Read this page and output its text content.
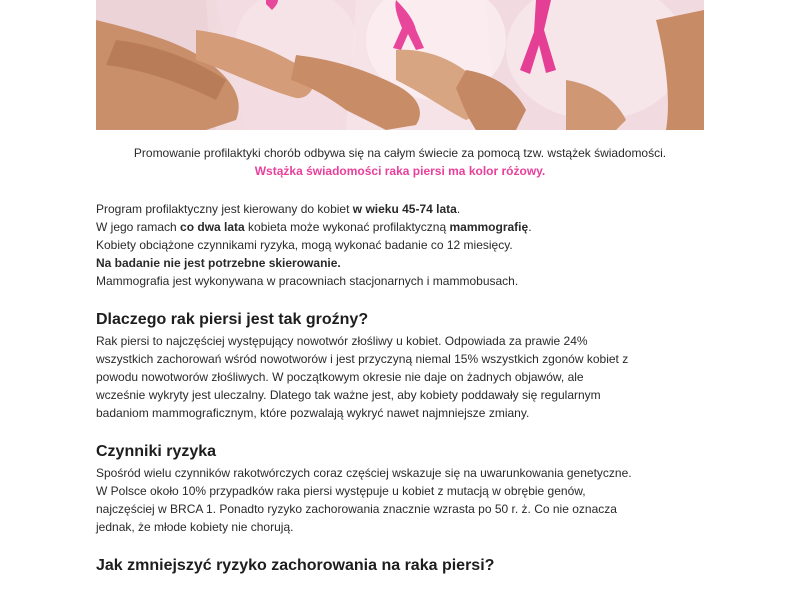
Promowanie profilaktyki chorób odbywa się na całym świecie za pomocą tzw. wstążek świadomości.

Wstążka świadomości raka piersi ma kolor różowy.

Program profilaktyczny jest kierowany do kobiet w wieku 45-74 lata.

W jego ramach co dwa lata kobieta może wykonać profilaktyczną mammografię.

Kobiety obciążone czynnikami ryzyka, mogą wykonać badanie co 12 miesięcy.

Na badanie nie jest potrzebne skierowanie.

Mammografia jest wykonywana w pracowniach stacjonarnych i mammobusach.

Dlaczego rak piersi jest tak groźny?

Rak piersi to najczęściej występujący nowotwór złośliwy u kobiet. Odpowiada za prawie 24%

wszystkich zachorowań wśród nowotworów i jest przyczyną niemal 15% wszystkich zgonów kobiet z

powodu nowotworów złośliwych. W początkowym okresie nie daje on żadnych objawów, ale

wcześnie wykryty jest uleczalny. Dlatego tak ważne jest, aby kobiety poddawały się regularnym

badaniom mammograficznym, które pozwalają wykryć nawet najmniejsze zmiany.

Czynniki ryzyka

Spośród wielu czynników rakotwórczych coraz częściej wskazuje się na uwarunkowania genetyczne.

W Polsce około 10% przypadków raka piersi występuje u kobiet z mutacją w obrębie genów,

najczęściej w BRCA 1. Ponadto ryzyko zachorowania znacznie wzrasta po 50 r. ż. Co nie oznacza

jednak, że młode kobiety nie chorują.

Jak zmniejszyć ryzyko zachorowania na raka piersi?
